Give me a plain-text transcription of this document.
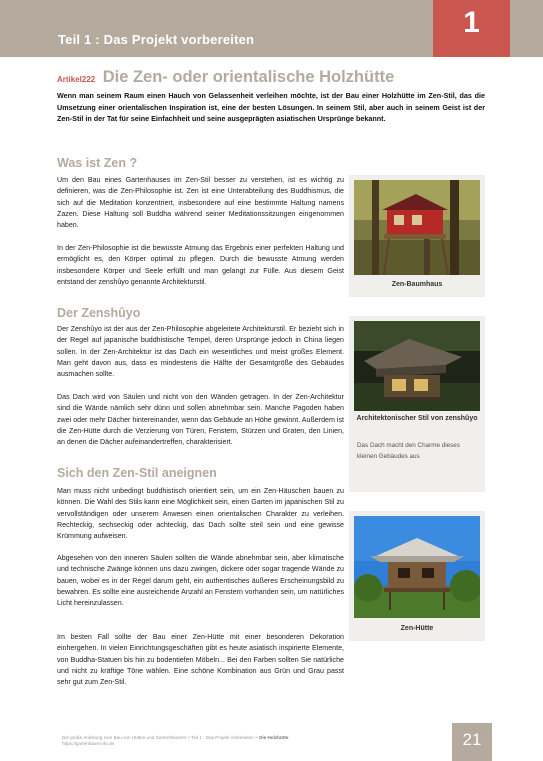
Teil 1 : Das Projekt vorbereiten
1
Artikel222 Die Zen- oder orientalische Holzhütte
Wenn man seinem Raum einen Hauch von Gelassenheit verleihen möchte, ist der Bau einer Holzhütte im Zen-Stil, das die Umsetzung einer orientalischen Inspiration ist, eine der besten Lösungen. In seinem Stil, aber auch in seinem Geist ist der Zen-Stil in der Tat für seine Einfachheit und seine ausgeprägten asiatischen Ursprünge bekannt.
Was ist Zen ?
Um den Bau eines Gartenhauses im Zen-Stil besser zu verstehen, ist es wichtig zu definieren, was die Zen-Philosophie ist. Zen ist eine Unterabteilung des Buddhismus, die sich auf die Meditation konzentriert, insbesondere auf eine bestimmte Haltung namens Zazen. Diese Haltung soll Buddha während seiner Meditationssitzungen eingenommen haben.
In der Zen-Philosophie ist die bewusste Atmung das Ergebnis einer perfekten Haltung und ermöglicht es, den Körper optimal zu pflegen. Durch die bewusste Atmung werden insbesondere Körper und Seele erfüllt und man gelangt zur Fülle. Aus diesem Geist entstand der zenshûyo genannte Architekturstil.
Der Zenshûyo
Der Zenshûyo ist der aus der Zen-Philosophie abgeleitete Architekturstil. Er bezieht sich in der Regel auf japanische buddhistische Tempel, deren Ursprünge jedoch in China liegen sollen. In der Zen-Architektur ist das Dach ein wesentliches und meist großes Element. Man geht davon aus, dass es mindestens die Hälfte der Gesamtgröße des Gebäudes ausmachen sollte.
Das Dach wird von Säulen und nicht von den Wänden getragen. In der Zen-Architektur sind die Wände nämlich sehr dünn und sollen abnehmbar sein. Manche Pagoden haben zwei oder mehr Dächer hintereinander, wenn das Gebäude an Höhe gewinnt. Außerdem ist die Zen-Hütte durch die Verzierung von Türen, Fenstern, Stürzen und Graten, den Linien, an denen die Dächer aufeinandertreffen, charakterisiert.
Sich den Zen-Stil aneignen
Man muss nicht unbedingt buddhistisch orientiert sein, um ein Zen-Häuschen bauen zu können. Die Wahl des Stils kann eine Möglichkeit sein, einen Garten im japanischen Stil zu vervollständigen oder unserem Anwesen einen orientalischen Charakter zu verleihen. Rechteckig, sechseckig oder achteckig, das Dach sollte steil sein und eine gewisse Krümmung aufweisen.
Abgesehen von den inneren Säulen sollten die Wände abnehmbar sein, aber klimatische und technische Zwänge können uns dazu zwingen, dickere oder sogar tragende Wände zu bauen, wobei es in der Regel darum geht, ein authentisches äußeres Erscheinungsbild zu bewahren. Es sollte eine ausreichende Anzahl an Fenstern vorhanden sein, um natürliches Licht hereinzulassen.
Im besten Fall sollte der Bau einer Zen-Hütte mit einer besonderen Dekoration einhergehen. In vielen Einrichtungsgeschäften gibt es heute asiatisch inspirierte Elemente, von Buddha-Statuen bis hin zu bodentiefen Möbeln... Bei den Farben sollten Sie natürliche und nicht zu kräftige Töne wählen. Eine schöne Kombination aus Grün und Grau passt sehr gut zum Zen-Stil.
Zen-Baumhaus
Architektonischer Stil von zenshûyo
Das Dach macht den Charme dieses kleinen Gebäudes aus
Zen-Hütte
Die große Anleitung zum Bau von Hütten und Gartenhäusern > Teil 1 : Das Projekt vorbereiten > Die Holzhütte
https://gartenhaus-info.de	21
